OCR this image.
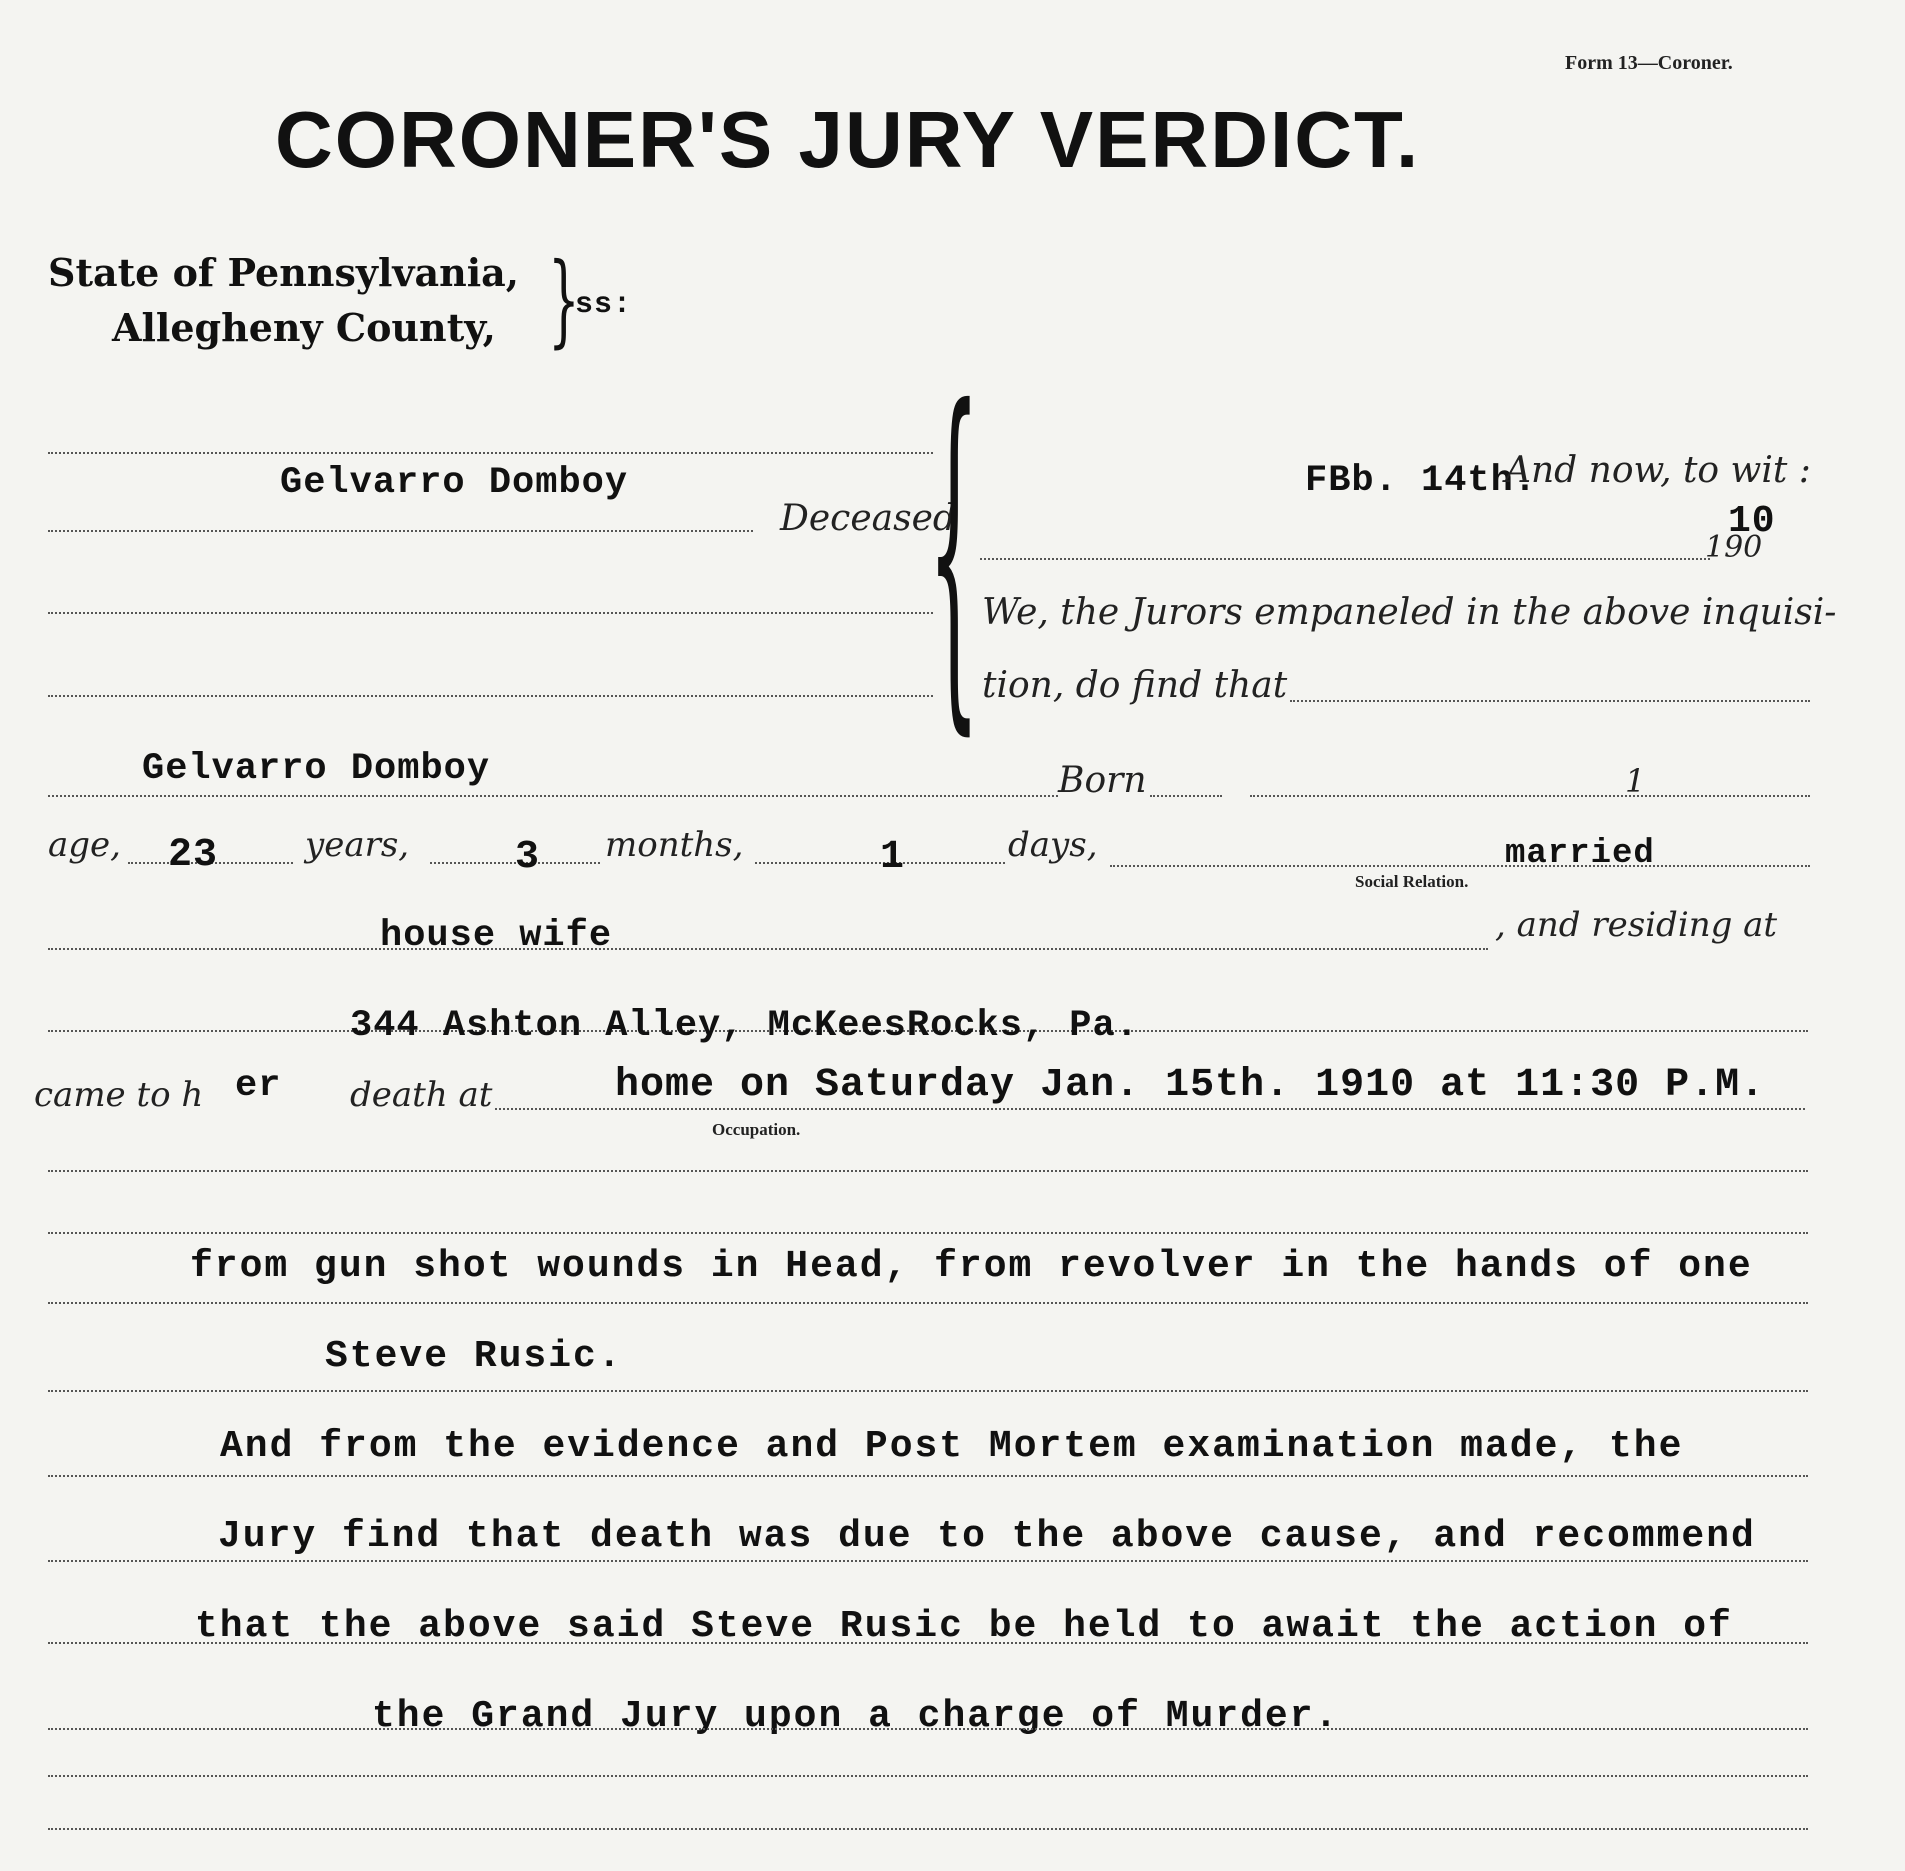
Form 13—Coroner.
CORONER'S JURY VERDICT.
State of Pennsylvania,
Allegheny County, }
ss:
Gelvarro Domboy
Deceased
{	FBb. 14th.
And now, to wit :
190
10
We, the Jurors empaneled in the above inquisi-
tion, do find that
Gelvarro Domboy	Born	1
age, 23	years,	3 months,	1	days,	married
Social Relation.
house wife	, and residing at
344 Ashton Alley, McKeesRocks, Pa.
came to h er death at	home on Saturday Jan. 15th. 1910 at 11:30 P.M.
Occupation.
from gun shot wounds in Head, from revolver in the hands of one
Steve Rusic.
And from the evidence and Post Mortem examination made, the
Jury find that death was due to the above cause, and recommend
that the above said Steve Rusic be held to await the action of
the Grand Jury upon a charge of Murder.
